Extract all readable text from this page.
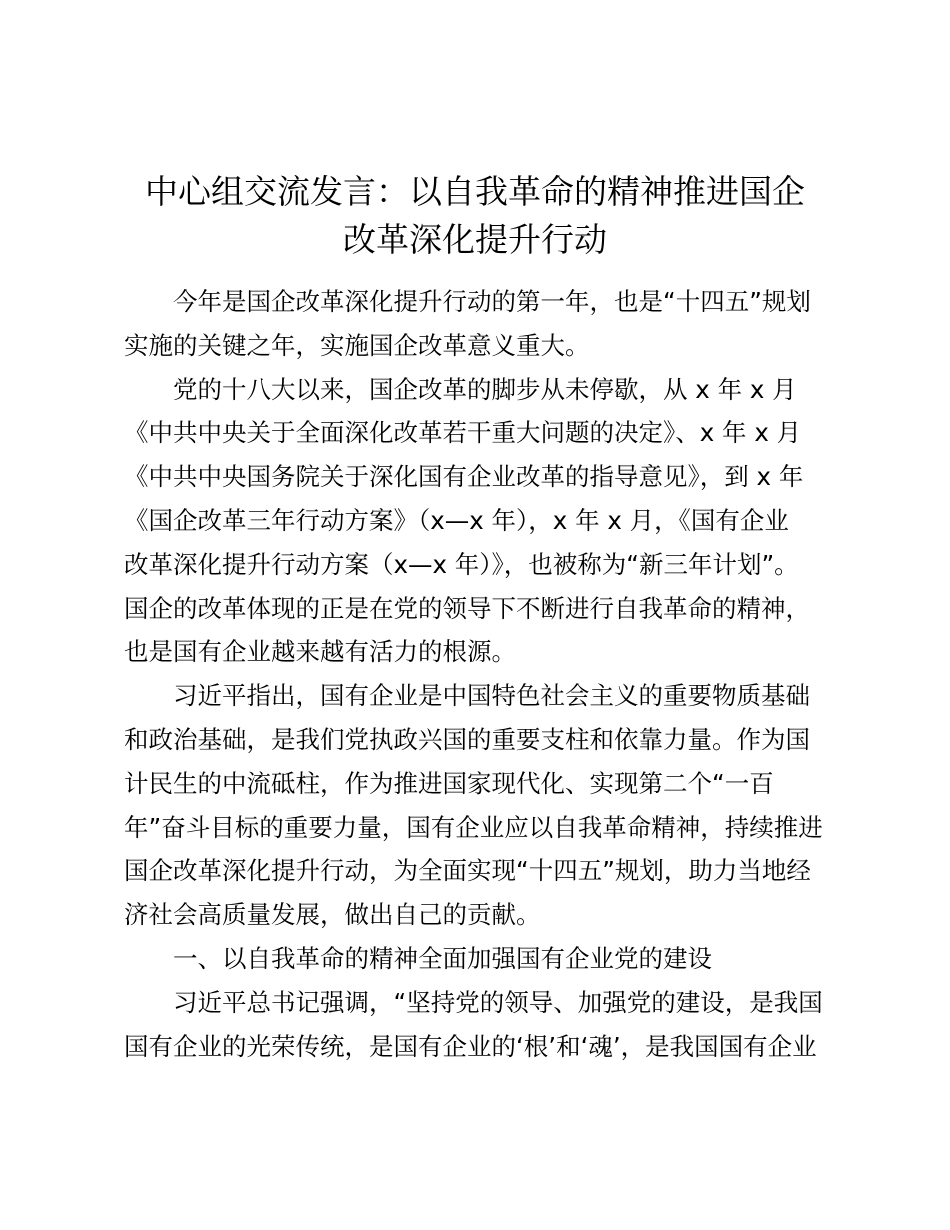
中心组交流发言：以自我革命的精神推进国企
改革深化提升行动
今年是国企改革深化提升行动的第一年，也是“十四五”规划
实施的关键之年，实施国企改革意义重大。
党的十八大以来，国企改革的脚步从未停歇，从 x 年 x 月
《中共中央关于全面深化改革若干重大问题的决定》、x 年 x 月
《中共中央国务院关于深化国有企业改革的指导意见》，到 x 年
《国企改革三年行动方案》（x—x 年），x 年 x 月，《国有企业
改革深化提升行动方案（x—x 年）》，也被称为“新三年计划”。
国企的改革体现的正是在党的领导下不断进行自我革命的精神，
也是国有企业越来越有活力的根源。
习近平指出，国有企业是中国特色社会主义的重要物质基础
和政治基础，是我们党执政兴国的重要支柱和依靠力量。作为国
计民生的中流砥柱，作为推进国家现代化、实现第二个“一百
年”奋斗目标的重要力量，国有企业应以自我革命精神，持续推进
国企改革深化提升行动，为全面实现“十四五”规划，助力当地经
济社会高质量发展，做出自己的贡献。
一、以自我革命的精神全面加强国有企业党的建设
习近平总书记强调，“坚持党的领导、加强党的建设，是我国
国有企业的光荣传统，是国有企业的‘根’和‘魂’，是我国国有企业
